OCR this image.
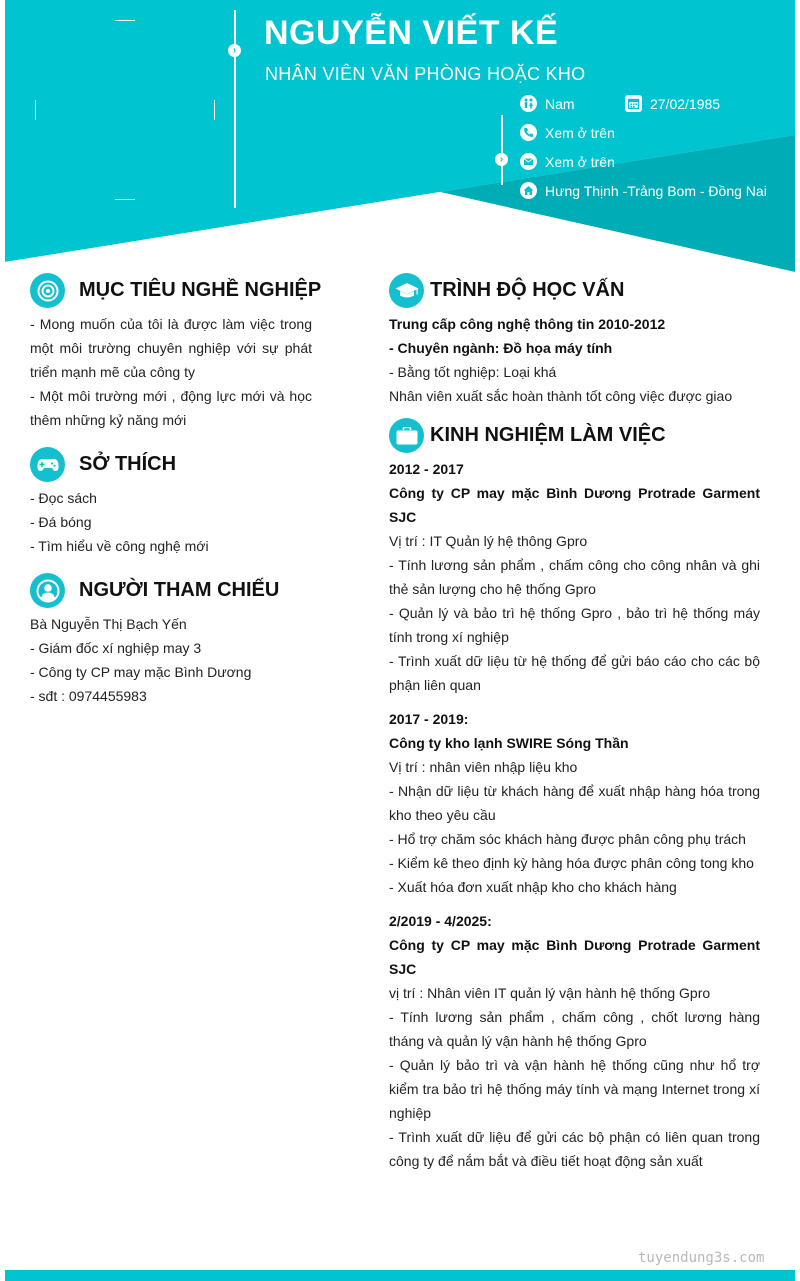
›
›
NGUYỄN VIẾT KẾ
NHÂN VIÊN VĂN PHÒNG HOẶC KHO
Nam	27/02/1985
Xem ở trên
Xem ở trên
Hưng Thịnh -Trảng Bom - Đồng Nai
MỤC TIÊU NGHỀ NGHIỆP

- Mong muốn của tôi là được làm việc trong một môi trường chuyên nghiệp với sự phát triển mạnh mẽ của công ty

- Một môi trường mới , động lực mới và học thêm những kỷ năng mới

SỞ THÍCH

- Đọc sách

- Đá bóng

- Tìm hiểu về công nghệ mới

NGƯỜI THAM CHIẾU

Bà Nguyễn Thị Bạch Yến

- Giám đốc xí nghiệp may 3

- Công ty CP may mặc Bình Dương

- sđt : 0974455983

TRÌNH ĐỘ HỌC VẤN

Trung cấp công nghệ thông tin 2010-2012

- Chuyên ngành: Đồ họa máy tính

- Bằng tốt nghiệp: Loại khá

Nhân viên xuất sắc hoàn thành tốt công việc được giao

KINH NGHIỆM LÀM VIỆC

2012 - 2017

Công ty CP may mặc Bình Dương Protrade Garment SJC

Vị trí : IT Quản lý hệ thông Gpro

- Tính lương sản phẩm , chấm công cho công nhân và ghi thẻ sản lượng cho hệ thống Gpro

- Quản lý và bảo trì hệ thống Gpro , bảo trì hệ thống máy tính trong xí nghiệp

- Trình xuất dữ liệu từ hệ thống để gửi báo cáo cho các bộ phận liên quan

2017 - 2019:

Công ty kho lạnh SWIRE Sóng Thần

Vị trí : nhân viên nhập liệu kho

- Nhận dữ liệu từ khách hàng để xuất nhập hàng hóa trong kho theo yêu cầu

- Hổ trợ chăm sóc khách hàng được phân công phụ trách

- Kiểm kê theo định kỳ hàng hóa được phân công tong kho

- Xuất hóa đơn xuất nhập kho cho khách hàng

2/2019 - 4/2025:

Công ty CP may mặc Bình Dương Protrade Garment SJC

vị trí : Nhân viên IT quản lý vận hành hệ thống Gpro

- Tính lương sản phẩm , chấm công , chốt lương hàng tháng và quản lý vận hành hệ thống Gpro

- Quản lý bảo trì và vận hành hệ thống cũng như hổ trợ kiểm tra bảo trì hệ thống máy tính và mạng Internet trong xí nghiệp

- Trình xuất dữ liệu để gửi các bộ phận có liên quan trong công ty để nắm bắt và điều tiết hoạt động sản xuất

tuyendung3s.com
